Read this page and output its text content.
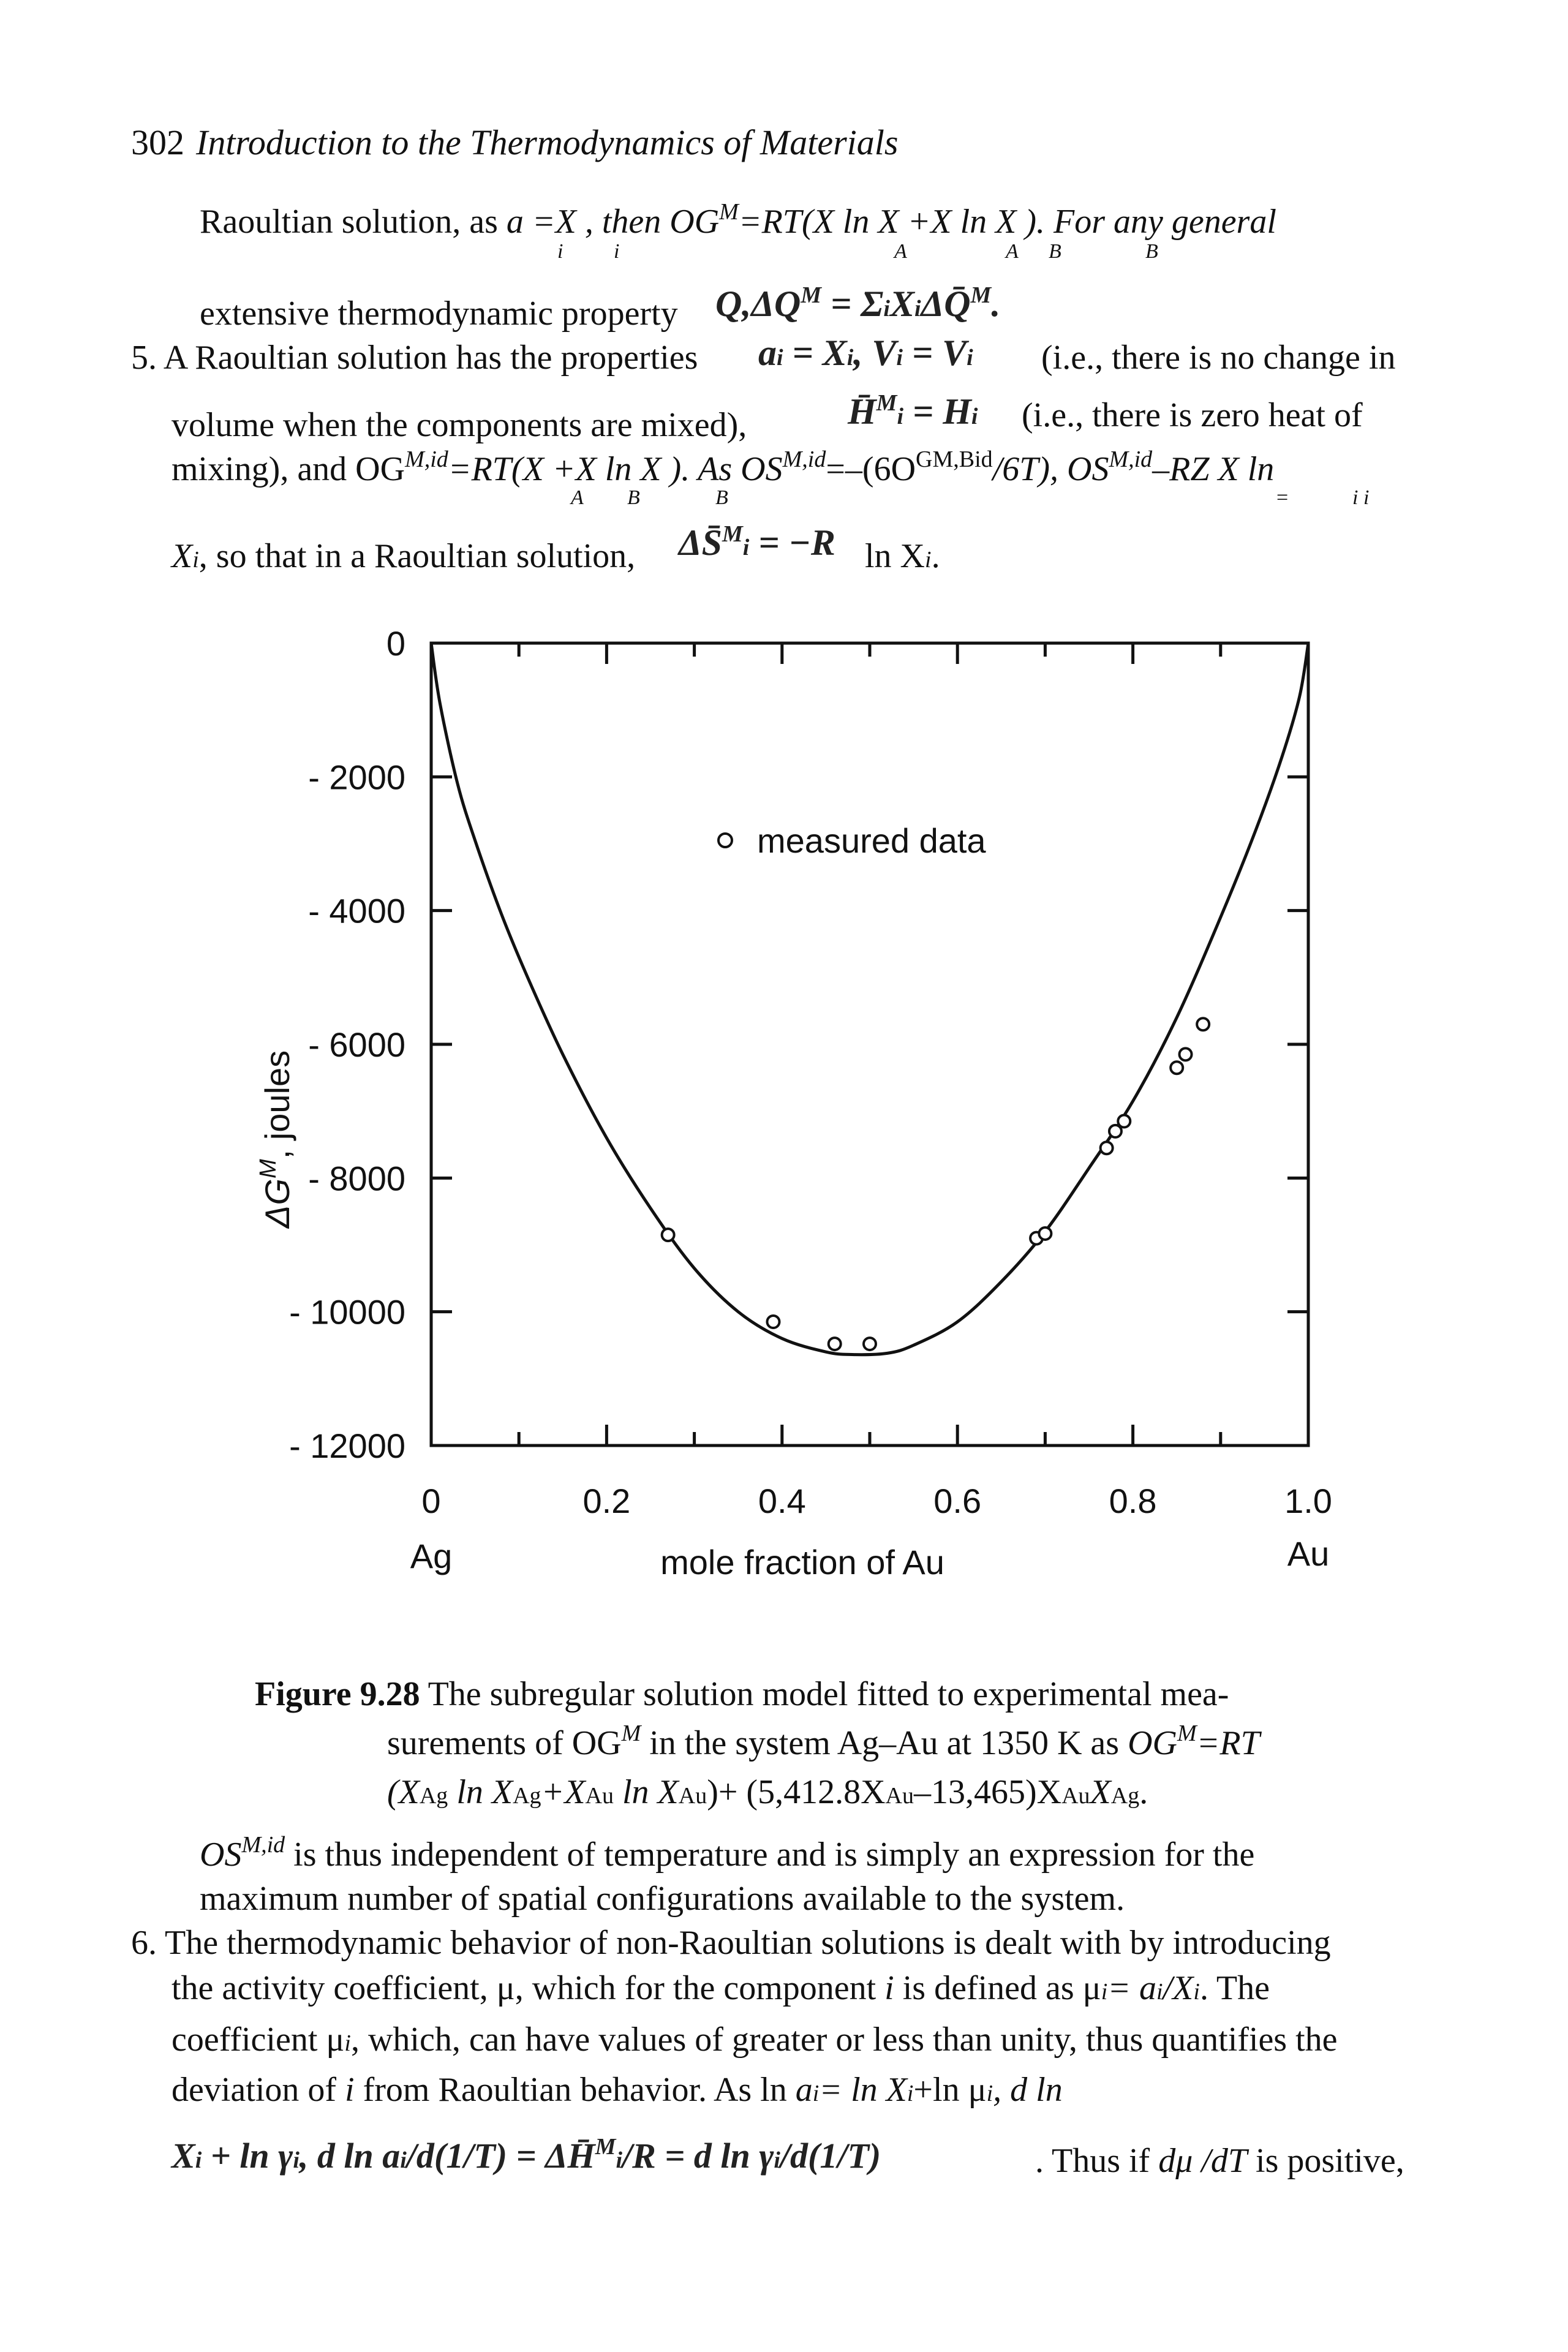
302 Introduction to the Thermodynamics of Materials
Raoultian solution, as a =X , then $OG^M=RT(X$ ln X +X ln X ). For any general
i i	A	A B	B
extensive thermodynamic property $Q,\Delta Q^M$ = ΣiXiΔQ̄$^M$.
5. A Raoultian solution has the properties ai = Xi, Vi = Vi (i.e., there is no change in
volume when the components are mixed),	H̄$^M$i = Hi (i.e., there is zero heat of
mixing), and $OG^{M,id}=RT(X +X$ ln X ). As $OS^{M,id}=-(6O^{GM,Bid}/6T)$, $OS^{M,id}-RZ$ X ln
A B	B	=	i i
Xi, so that in a Raoultian solution, ΔS̄$^M$i = −R ln Xi.
0	0.2	0.4	0.6	0.8	1.0
0
- 2000
- 4000
- 6000
- 8000
- 10000
- 12000
Ag	Au
mole fraction of Au
$\Delta G^M$, joules
measured data
Figure 9.28 The subregular solution model fitted to experimental mea-
surements of $OG^M$ in the system Ag–Au at 1350 K as $OG^M=RT$
(XAg ln XAg+XAu ln XAu)+ (5,412.8XAu–13,465)XAuXAg.
$OS^{M,id}$ is thus independent of temperature and is simply an expression for the
maximum number of spatial configurations available to the system.
6. The thermodynamic behavior of non-Raoultian solutions is dealt with by introducing
the activity coefficient, μ, which for the component i is defined as μi= ai/Xi. The
coefficient μi, which, can have values of greater or less than unity, thus quantifies the
deviation of i from Raoultian behavior. As ln ai= ln Xi+ln μi, d ln
Xi + ln γi, d ln ai/d(1/T) = ΔH̄$^M$i/R = d ln γi/d(1/T)	. Thus if dμ /dT is positive,
